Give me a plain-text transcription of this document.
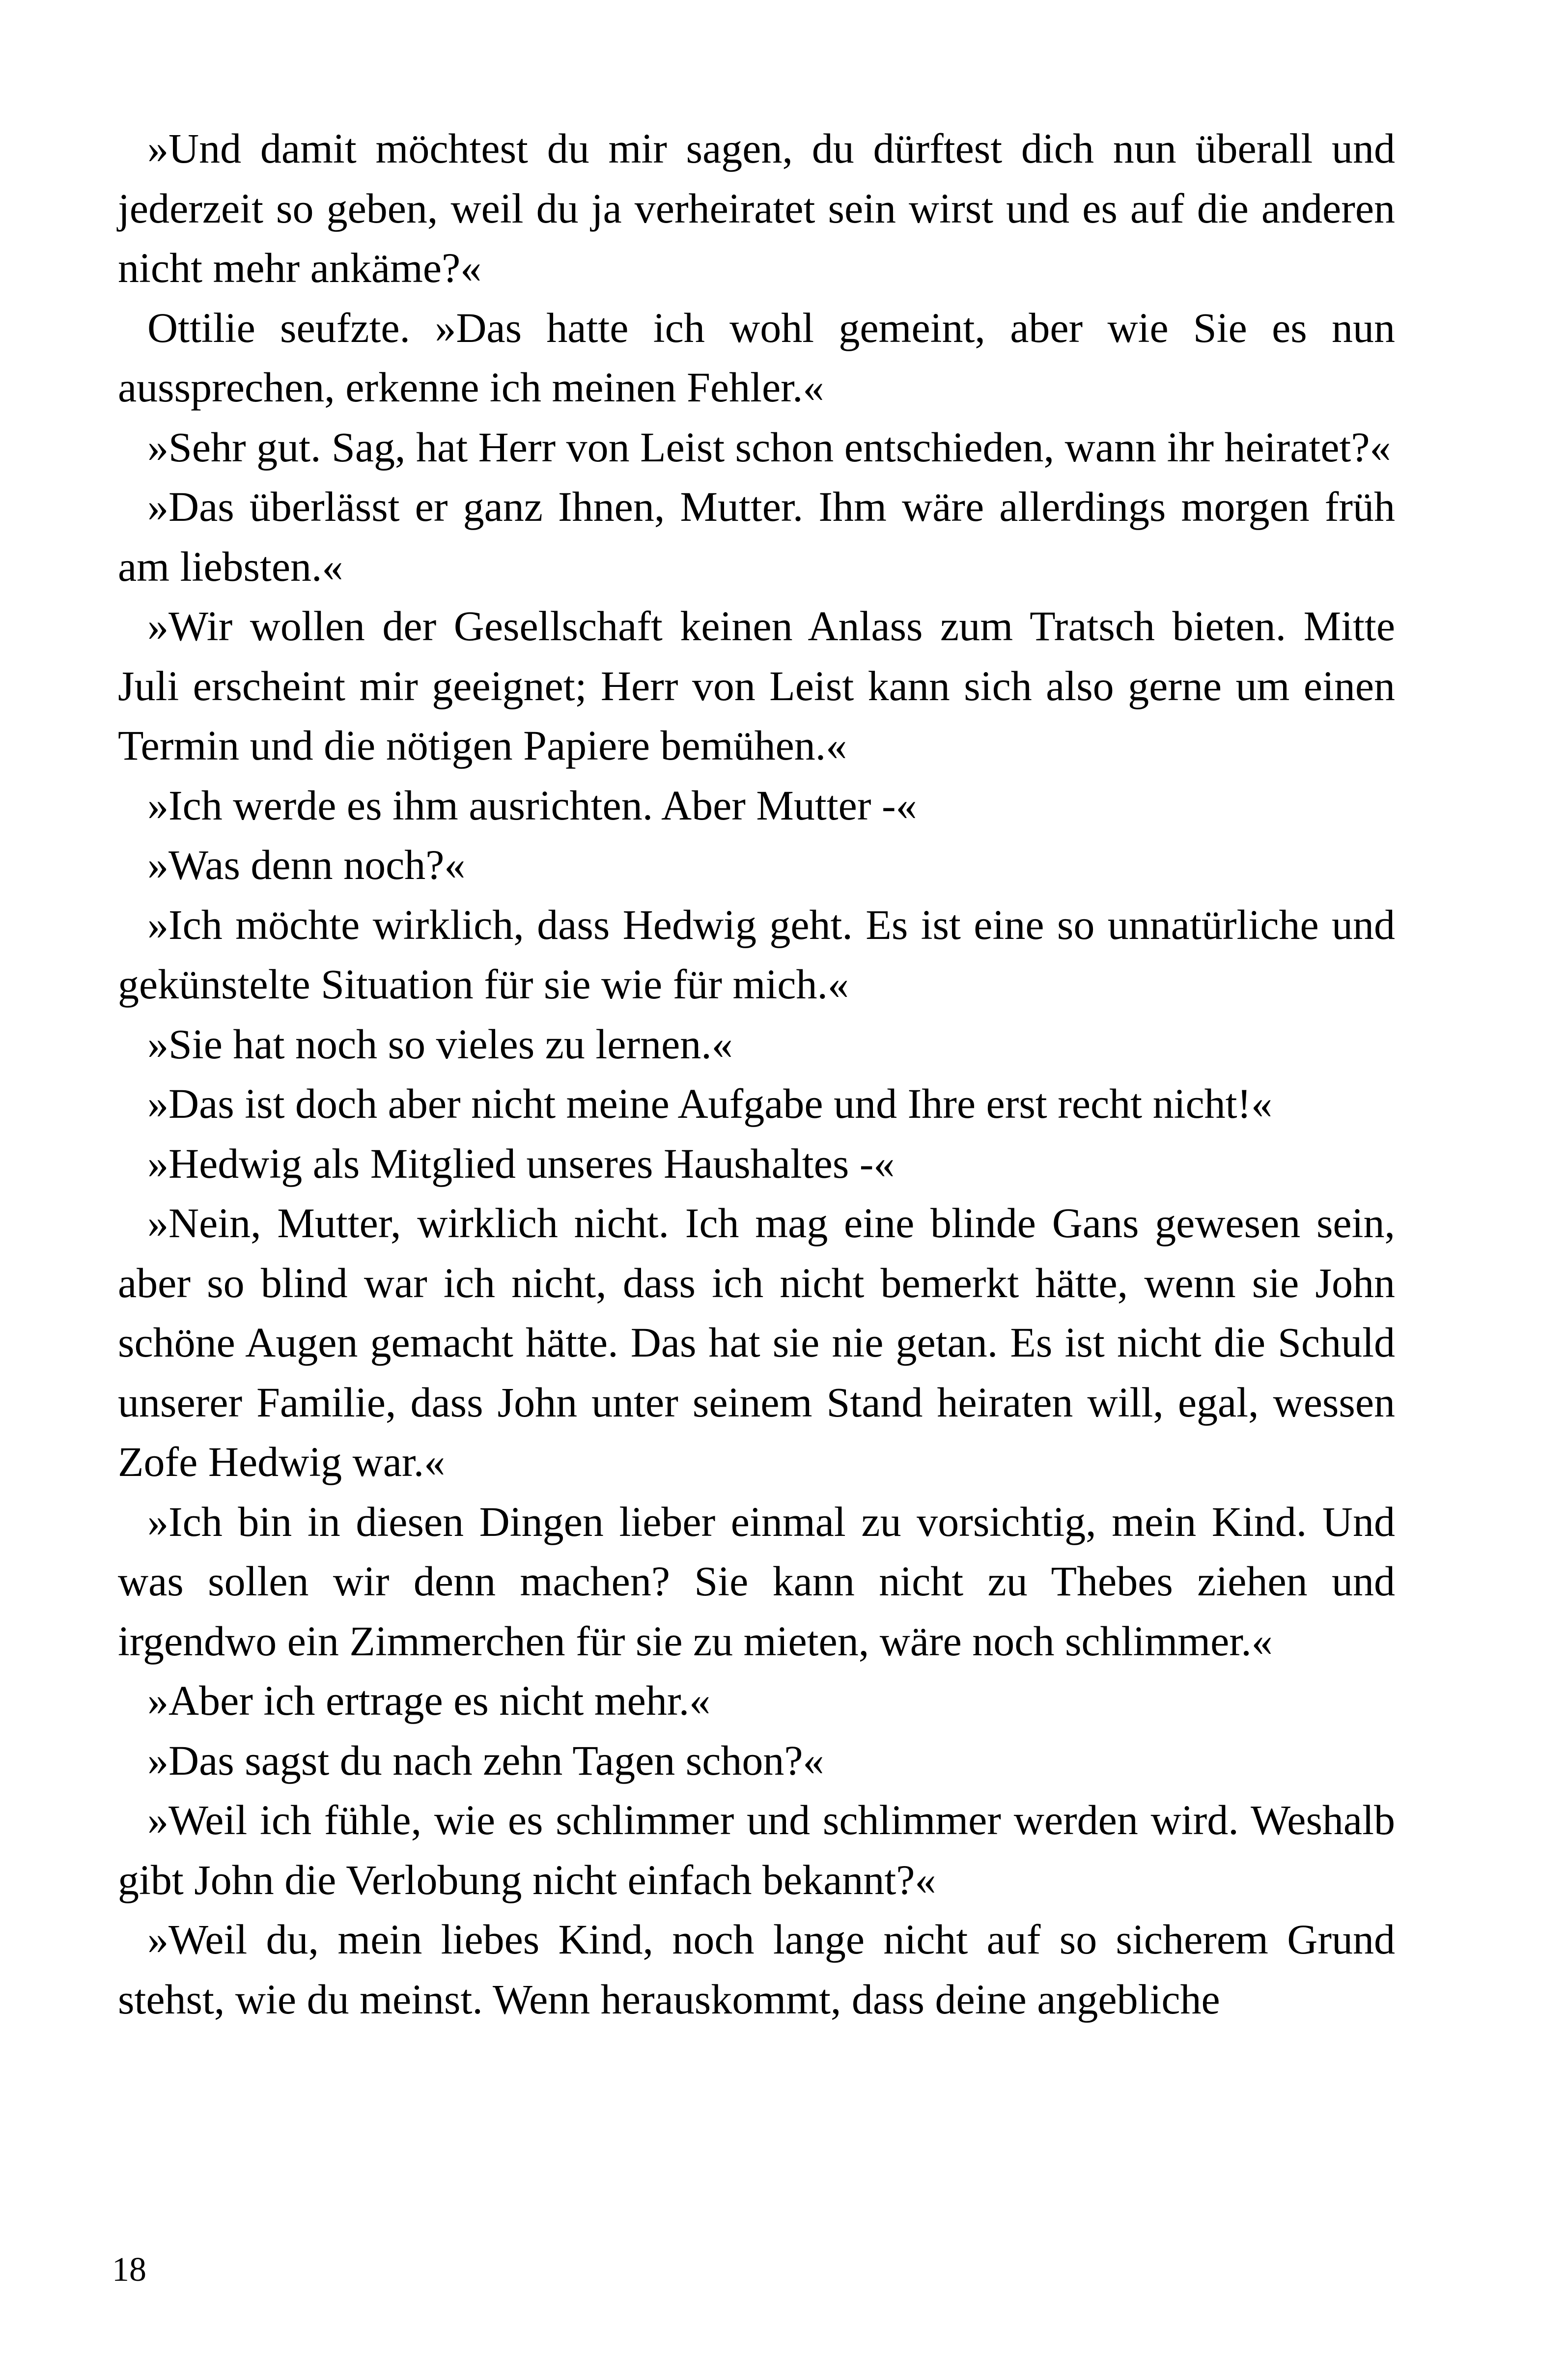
»Und damit möchtest du mir sagen, du dürftest dich nun überall und jederzeit so geben, weil du ja verheiratet sein wirst und es auf die anderen nicht mehr ankäme?«

Ottilie seufzte. »Das hatte ich wohl gemeint, aber wie Sie es nun aussprechen, erkenne ich meinen Fehler.«

»Sehr gut. Sag, hat Herr von Leist schon entschieden, wann ihr heiratet?«

»Das überlässt er ganz Ihnen, Mutter. Ihm wäre allerdings morgen früh am liebsten.«

»Wir wollen der Gesellschaft keinen Anlass zum Tratsch bieten. Mitte Juli erscheint mir geeignet; Herr von Leist kann sich also gerne um einen Termin und die nötigen Papiere bemühen.«

»Ich werde es ihm ausrichten. Aber Mutter -«

»Was denn noch?«

»Ich möchte wirklich, dass Hedwig geht. Es ist eine so unnatürliche und gekünstelte Situation für sie wie für mich.«

»Sie hat noch so vieles zu lernen.«

»Das ist doch aber nicht meine Aufgabe und Ihre erst recht nicht!«

»Hedwig als Mitglied unseres Haushaltes -«

»Nein, Mutter, wirklich nicht. Ich mag eine blinde Gans gewesen sein, aber so blind war ich nicht, dass ich nicht bemerkt hätte, wenn sie John schöne Augen gemacht hätte. Das hat sie nie getan. Es ist nicht die Schuld unserer Familie, dass John unter seinem Stand heiraten will, egal, wessen Zofe Hedwig war.«

»Ich bin in diesen Dingen lieber einmal zu vorsichtig, mein Kind. Und was sollen wir denn machen? Sie kann nicht zu Thebes ziehen und irgendwo ein Zimmerchen für sie zu mieten, wäre noch schlimmer.«

»Aber ich ertrage es nicht mehr.«

»Das sagst du nach zehn Tagen schon?«

»Weil ich fühle, wie es schlimmer und schlimmer werden wird. Weshalb gibt John die Verlobung nicht einfach bekannt?«

»Weil du, mein liebes Kind, noch lange nicht auf so sicherem Grund stehst, wie du meinst. Wenn herauskommt, dass deine angebliche

18
